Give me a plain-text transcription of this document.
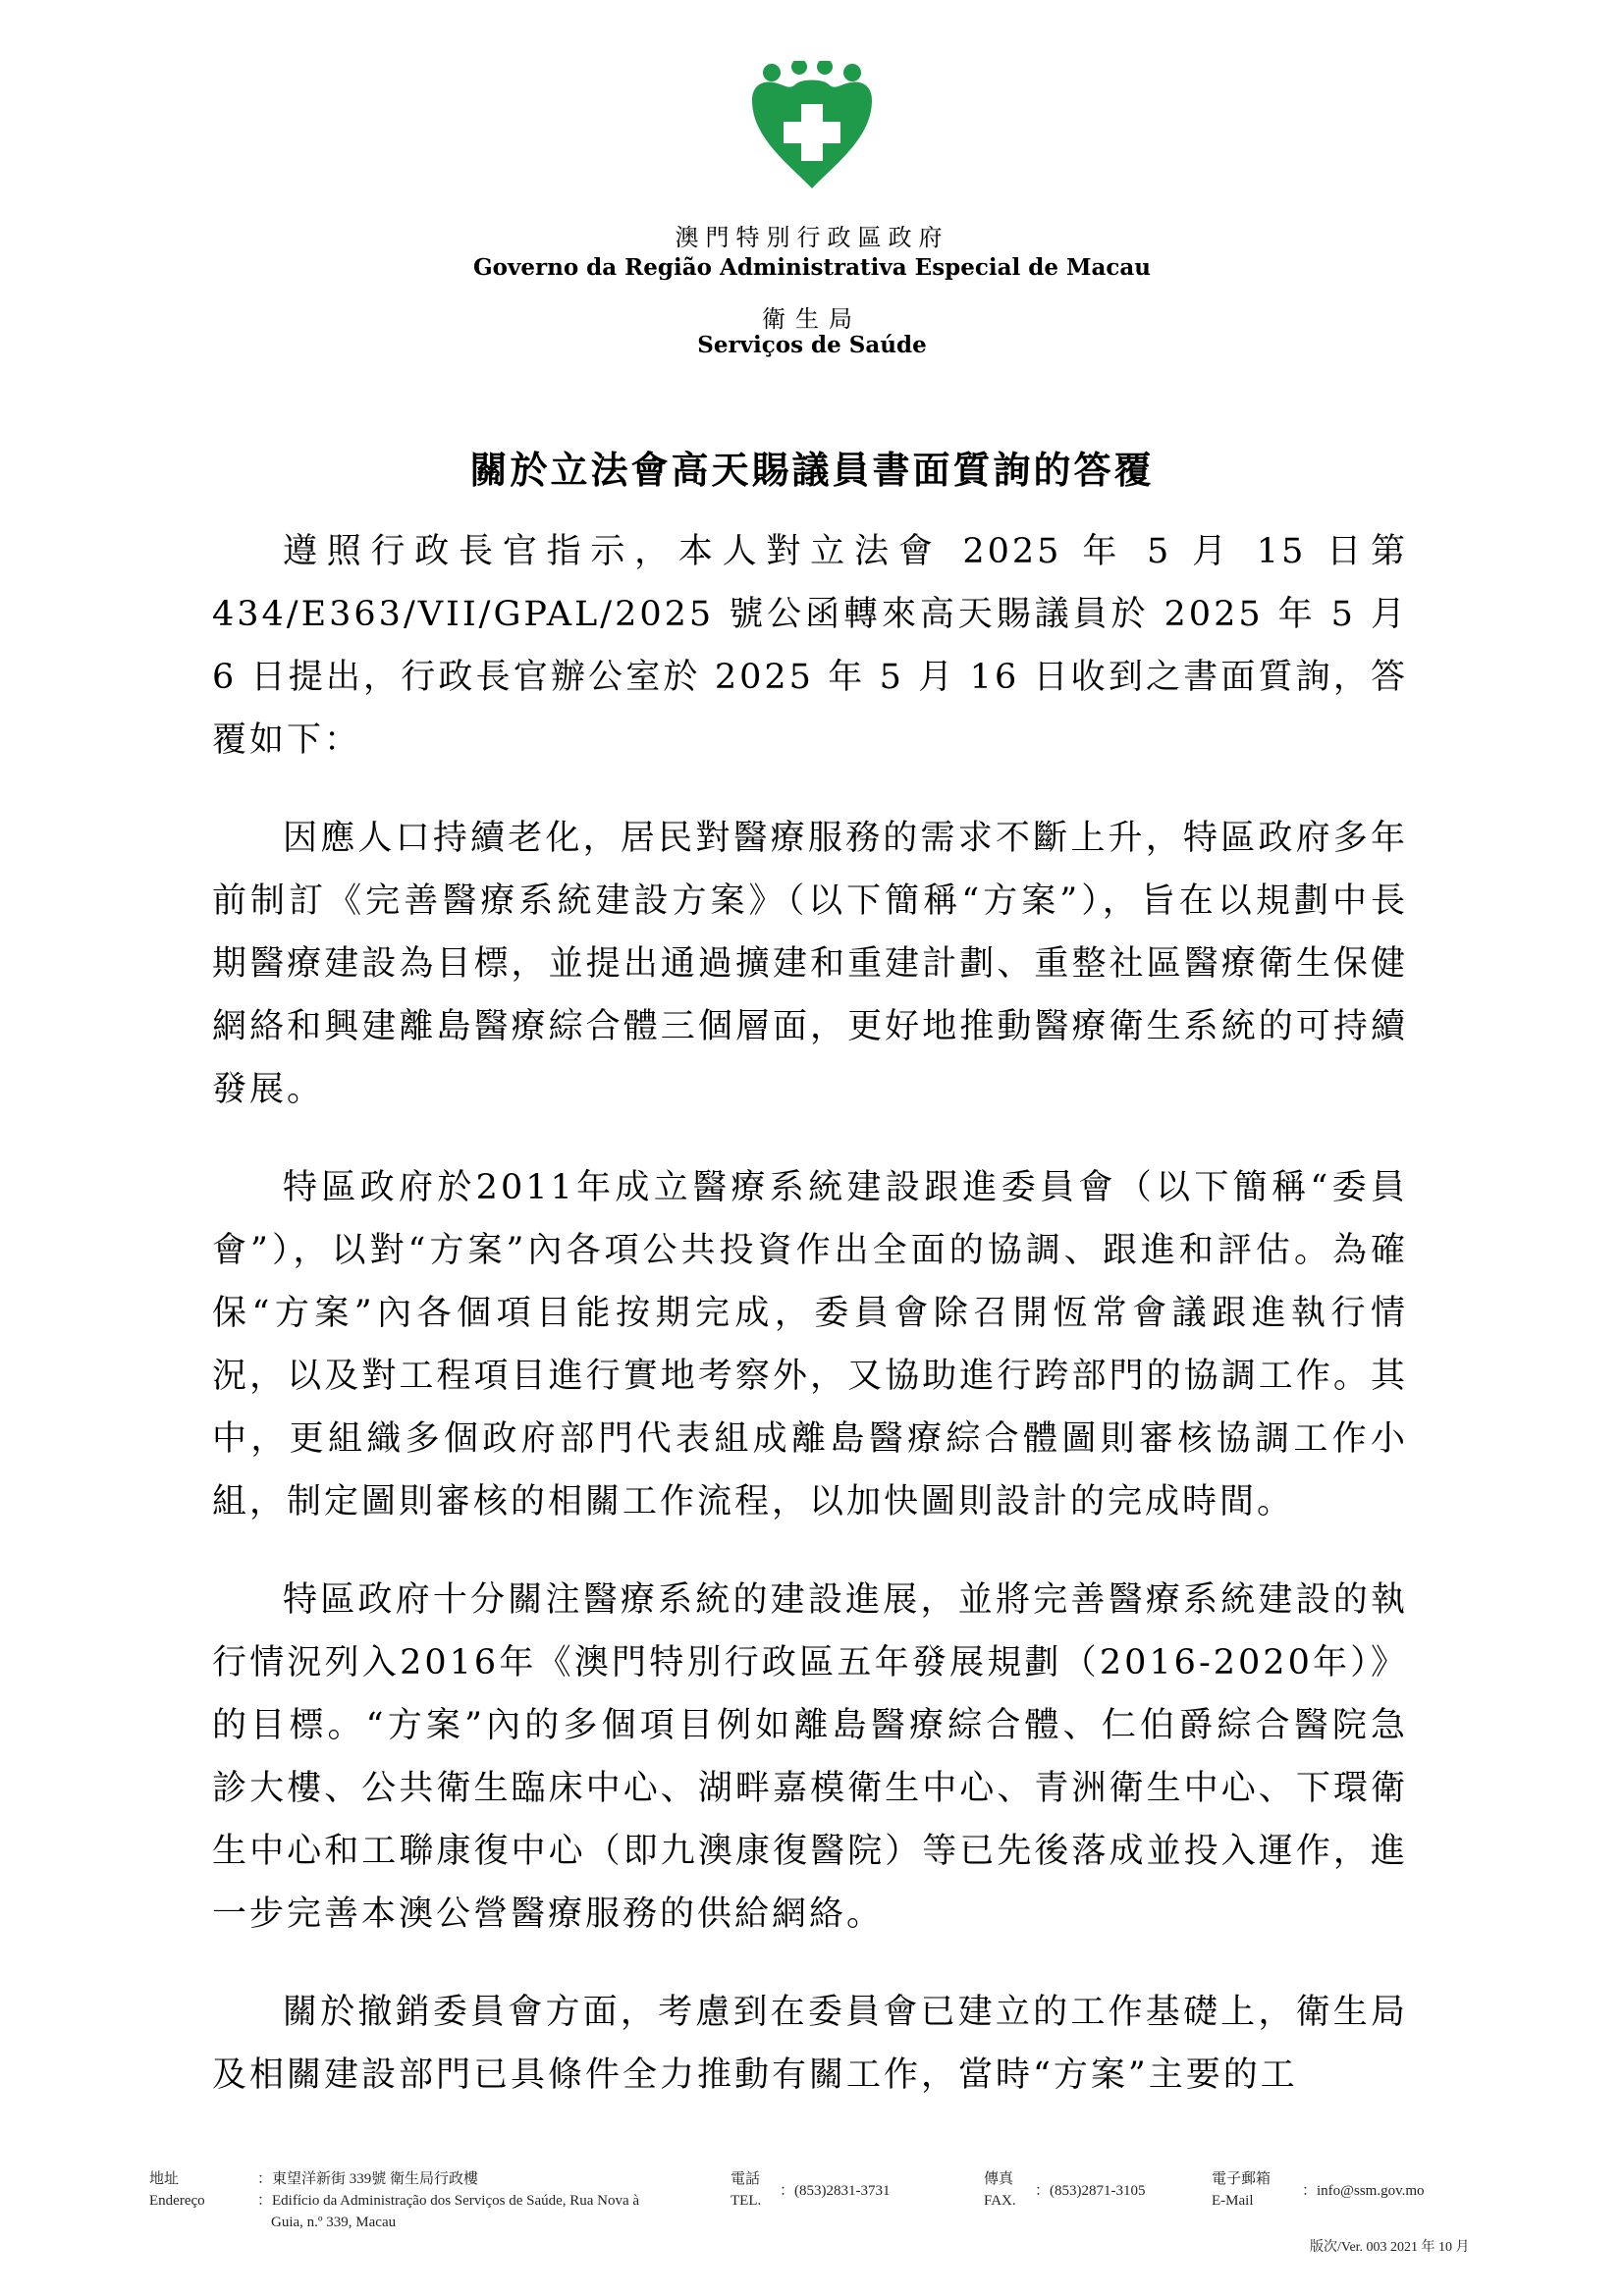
澳門特別行政區政府
Governo da Região Administrativa Especial de Macau
衛生局
Serviços de Saúde
關於立法會高天賜議員書面質詢的答覆

遵照行政長官指示，本人對立法會 2025 年 5 月 15 日第 434/E363/VII/GPAL/2025 號公函轉來高天賜議員於 2025 年 5 月 6 日提出，行政長官辦公室於 2025 年 5 月 16 日收到之書面質詢，答覆如下：

因應人口持續老化，居民對醫療服務的需求不斷上升，特區政府多年前制訂《完善醫療系統建設方案》（以下簡稱“方案”），旨在以規劃中長期醫療建設為目標，並提出通過擴建和重建計劃、重整社區醫療衛生保健網絡和興建離島醫療綜合體三個層面，更好地推動醫療衛生系統的可持續發展。

特區政府於2011年成立醫療系統建設跟進委員會（以下簡稱“委員會”），以對“方案”內各項公共投資作出全面的協調、跟進和評估。為確保“方案”內各個項目能按期完成，委員會除召開恆常會議跟進執行情況，以及對工程項目進行實地考察外，又協助進行跨部門的協調工作。其中，更組織多個政府部門代表組成離島醫療綜合體圖則審核協調工作小組，制定圖則審核的相關工作流程，以加快圖則設計的完成時間。

特區政府十分關注醫療系統的建設進展，並將完善醫療系統建設的執行情況列入2016年《澳門特別行政區五年發展規劃（2016-2020年）》的目標。“方案”內的多個項目例如離島醫療綜合體、仁伯爵綜合醫院急診大樓、公共衛生臨床中心、湖畔嘉模衛生中心、青洲衛生中心、下環衛生中心和工聯康復中心（即九澳康復醫院）等已先後落成並投入運作，進一步完善本澳公營醫療服務的供給網絡。

關於撤銷委員會方面，考慮到在委員會已建立的工作基礎上，衛生局及相關建設部門已具條件全力推動有關工作，當時“方案”主要的工

地址
Endereço
：東望洋新街 339號 衛生局行政樓
：Edifício da Administração dos Serviços de Saúde, Rua Nova à
Guia, n.º 339, Macau
電話
TEL.
：(853)2831-3731
傳真
FAX.
：(853)2871-3105
電子郵箱
E-Mail
：info@ssm.gov.mo
版次/Ver. 003 2021 年 10 月
